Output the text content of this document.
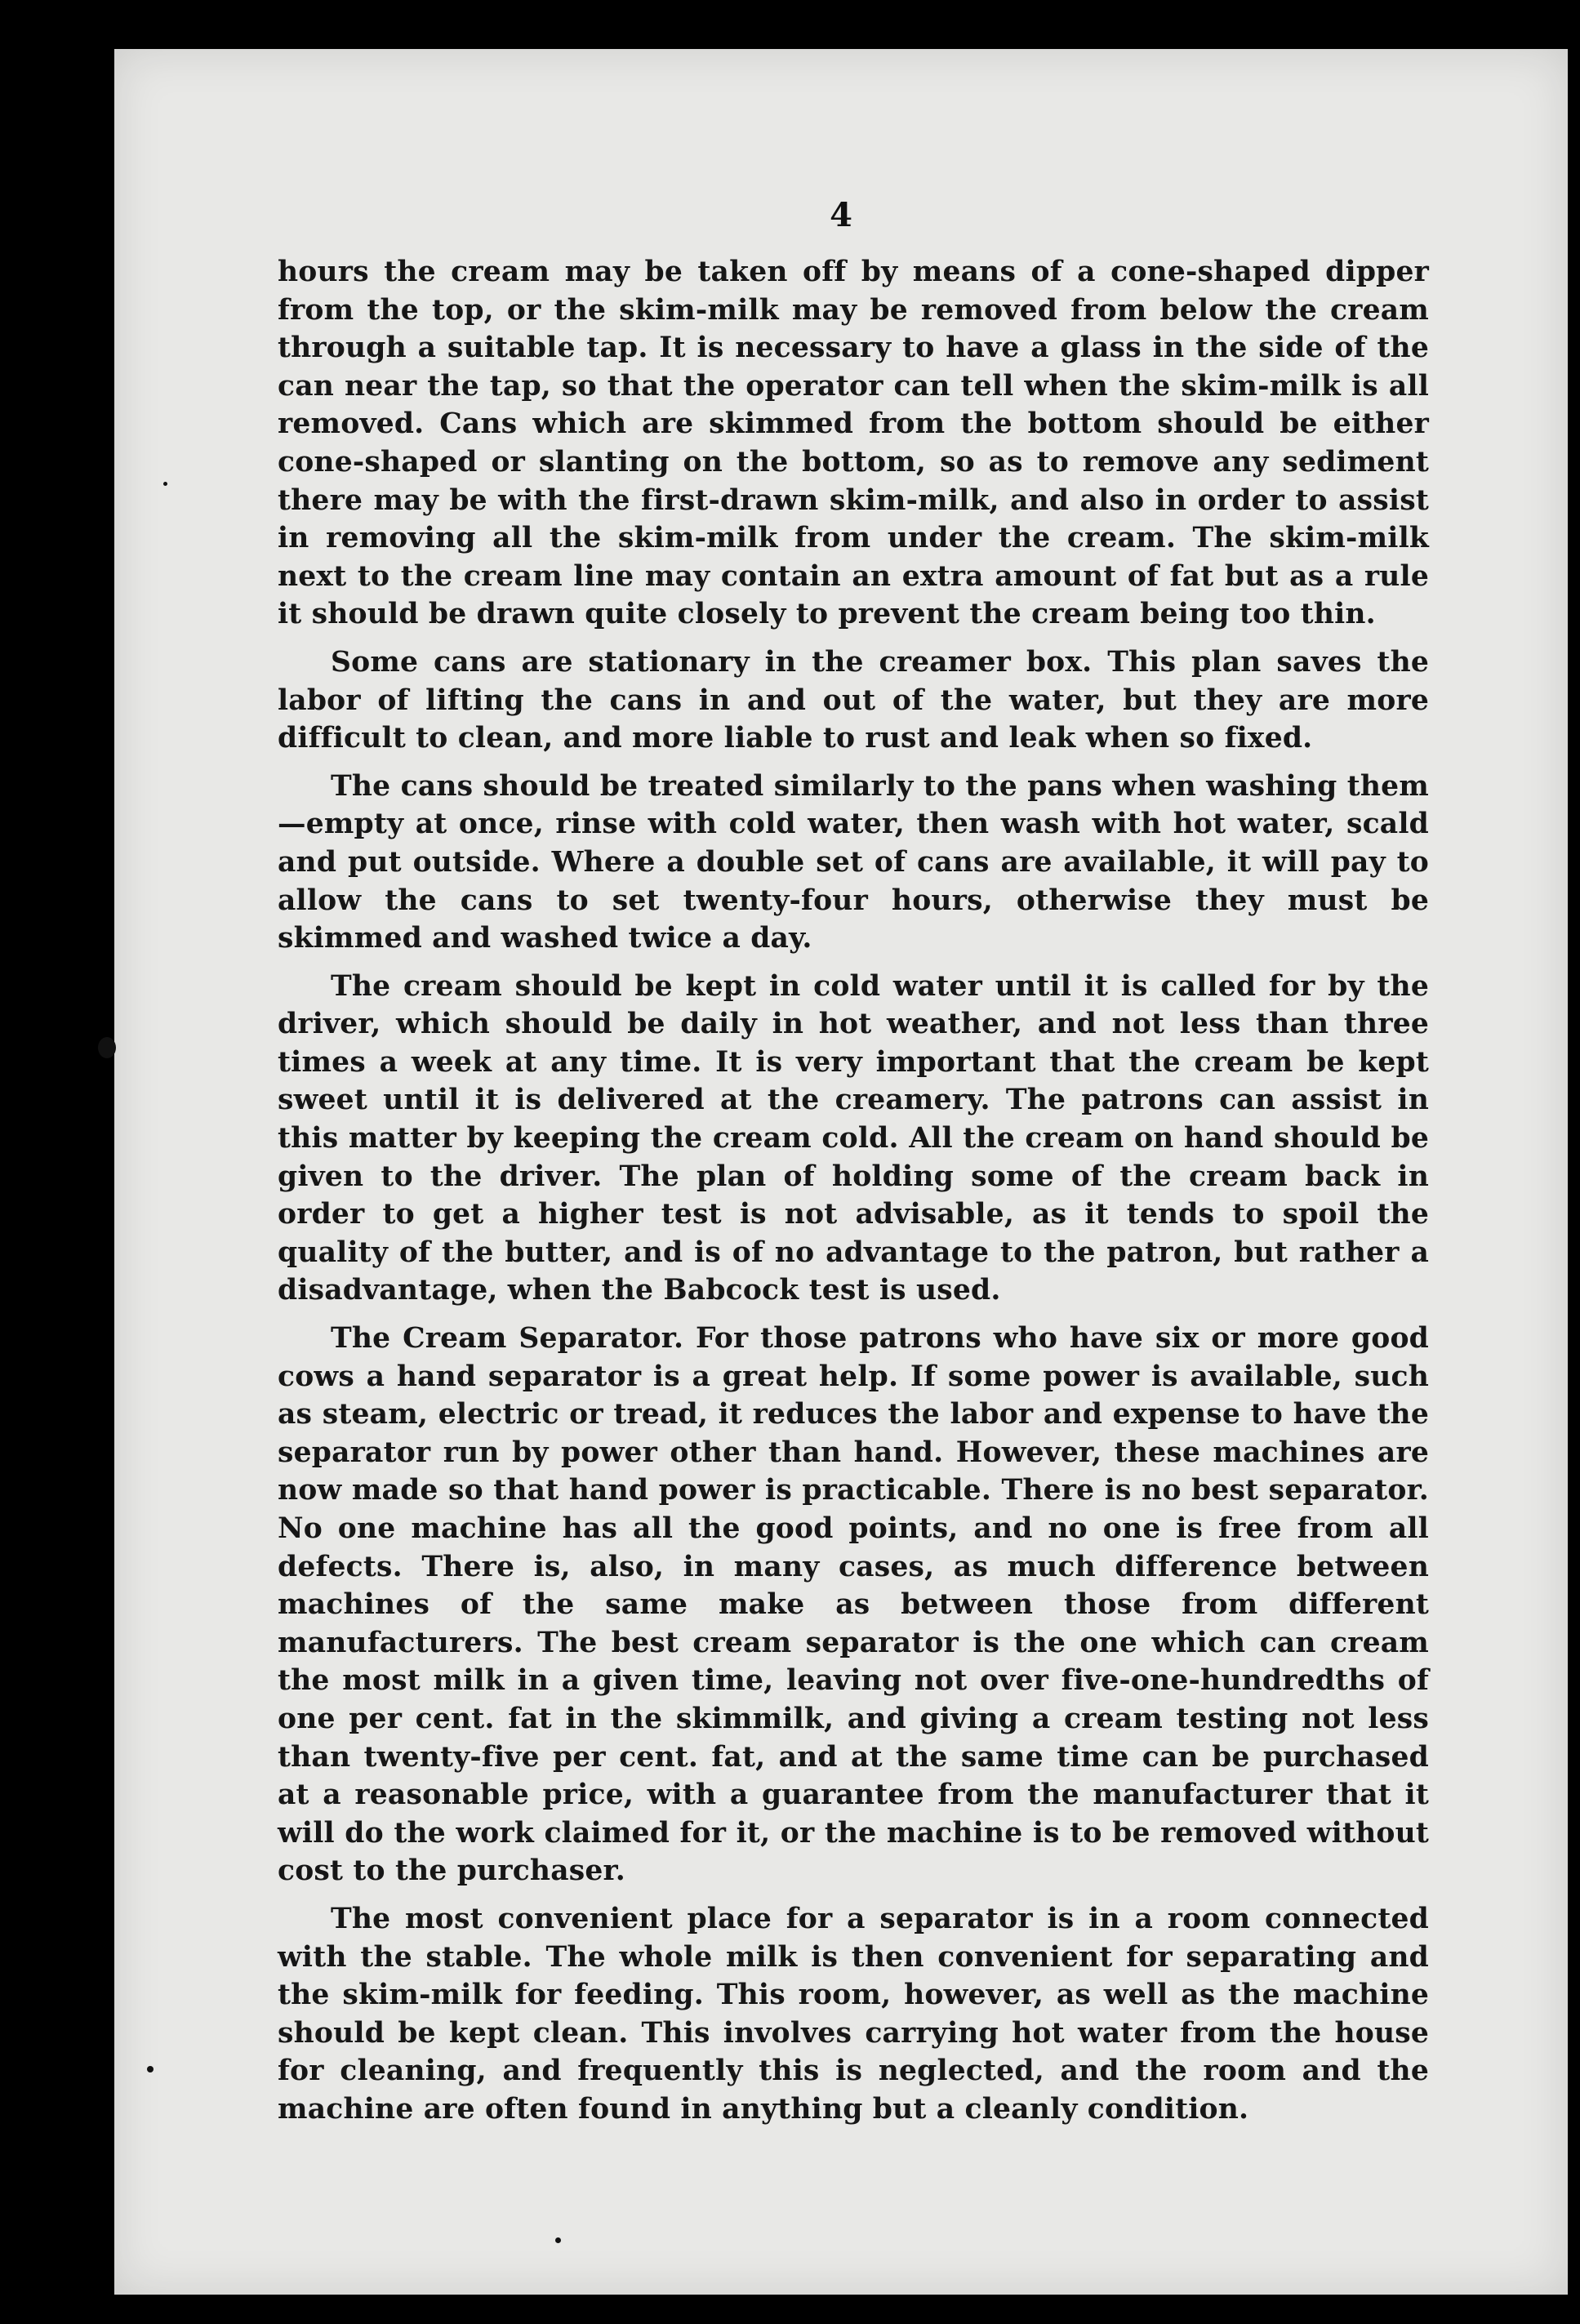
4

hours the cream may be taken off by means of a cone-shaped dipper from the top, or the skim-milk may be removed from below the cream through a suitable tap. It is necessary to have a glass in the side of the can near the tap, so that the operator can tell when the skim-milk is all removed. Cans which are skimmed from the bottom should be either cone-shaped or slanting on the bottom, so as to remove any sediment there may be with the first-drawn skim-milk, and also in order to assist in removing all the skim-milk from under the cream. The skim-milk next to the cream line may contain an extra amount of fat but as a rule it should be drawn quite closely to prevent the cream being too thin.

Some cans are stationary in the creamer box. This plan saves the labor of lifting the cans in and out of the water, but they are more difficult to clean, and more liable to rust and leak when so fixed.

The cans should be treated similarly to the pans when washing them—empty at once, rinse with cold water, then wash with hot water, scald and put outside. Where a double set of cans are available, it will pay to allow the cans to set twenty-four hours, otherwise they must be skimmed and washed twice a day.

The cream should be kept in cold water until it is called for by the driver, which should be daily in hot weather, and not less than three times a week at any time. It is very important that the cream be kept sweet until it is delivered at the creamery. The patrons can assist in this matter by keeping the cream cold. All the cream on hand should be given to the driver. The plan of holding some of the cream back in order to get a higher test is not advisable, as it tends to spoil the quality of the butter, and is of no advantage to the patron, but rather a disadvantage, when the Babcock test is used.

The Cream Separator. For those patrons who have six or more good cows a hand separator is a great help. If some power is available, such as steam, electric or tread, it reduces the labor and expense to have the separator run by power other than hand. However, these machines are now made so that hand power is practicable. There is no best separator. No one machine has all the good points, and no one is free from all defects. There is, also, in many cases, as much difference between machines of the same make as between those from different manufacturers. The best cream separator is the one which can cream the most milk in a given time, leaving not over five-one-hundredths of one per cent. fat in the skimmilk, and giving a cream testing not less than twenty-five per cent. fat, and at the same time can be purchased at a reasonable price, with a guarantee from the manufacturer that it will do the work claimed for it, or the machine is to be removed without cost to the purchaser.

The most convenient place for a separator is in a room connected with the stable. The whole milk is then convenient for separating and the skim-milk for feeding. This room, however, as well as the machine should be kept clean. This involves carrying hot water from the house for cleaning, and frequently this is neglected, and the room and the machine are often found in anything but a cleanly condition.
